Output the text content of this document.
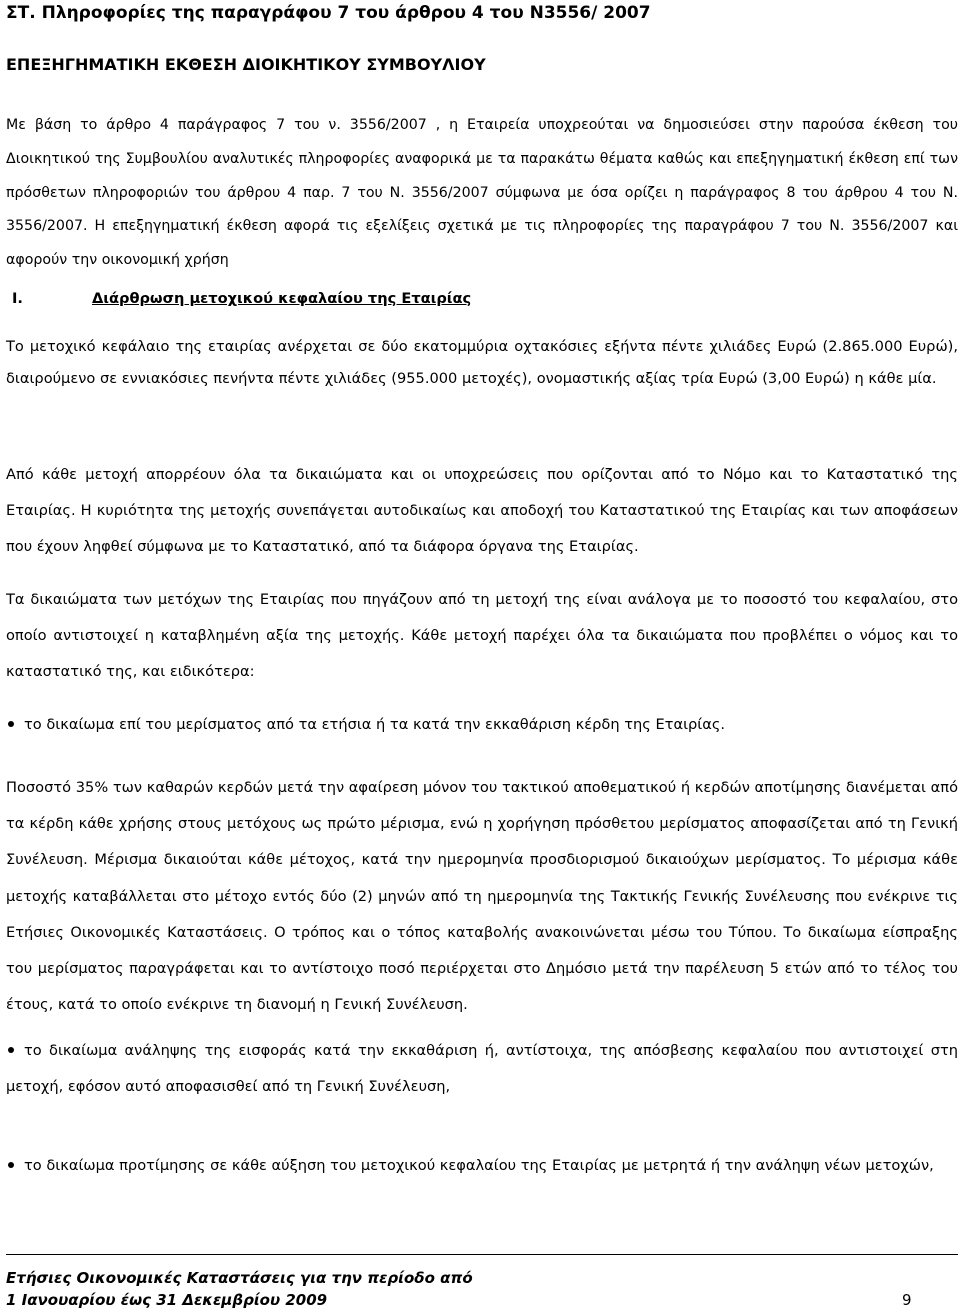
ΣΤ. Πληροφορίες της παραγράφου 7 του άρθρου 4 του Ν3556/ 2007
ΕΠΕΞΗΓΗΜΑΤΙΚΗ ΕΚΘΕΣΗ ΔΙΟΙΚΗΤΙΚΟΥ ΣΥΜΒΟΥΛΙΟΥ

Με βάση το άρθρο 4 παράγραφος 7 του ν. 3556/2007 , η Εταιρεία υποχρεούται να δημοσιεύσει στην παρούσα έκθεση του Διοικητικού της Συμβουλίου αναλυτικές πληροφορίες αναφορικά με τα παρακάτω θέματα καθώς και επεξηγηματική έκθεση επί των πρόσθετων πληροφοριών του άρθρου 4 παρ. 7 του Ν. 3556/2007 σύμφωνα με όσα ορίζει η παράγραφος 8 του άρθρου 4 του Ν. 3556/2007. Η επεξηγηματική έκθεση αφορά τις εξελίξεις σχετικά με τις πληροφορίες της παραγράφου 7 του Ν. 3556/2007 και αφορούν την οικονομική χρήση

I.	Διάρθρωση μετοχικού κεφαλαίου της Εταιρίας

Το μετοχικό κεφάλαιο της εταιρίας ανέρχεται σε δύο εκατομμύρια οχτακόσιες εξήντα πέντε χιλιάδες Ευρώ (2.865.000 Ευρώ), διαιρούμενο σε εννιακόσιες πενήντα πέντε χιλιάδες (955.000 μετοχές), ονομαστικής αξίας τρία Ευρώ (3,00 Ευρώ) η κάθε μία.

Από κάθε μετοχή απορρέουν όλα τα δικαιώματα και οι υποχρεώσεις που ορίζονται από το Νόμο και το Καταστατικό της Εταιρίας. Η κυριότητα της μετοχής συνεπάγεται αυτοδικαίως και αποδοχή του Καταστατικού της Εταιρίας και των αποφάσεων που έχουν ληφθεί σύμφωνα με το Καταστατικό, από τα διάφορα όργανα της Εταιρίας.

Τα δικαιώματα των μετόχων της Εταιρίας που πηγάζουν από τη μετοχή της είναι ανάλογα με το ποσοστό του κεφαλαίου, στο οποίο αντιστοιχεί η καταβλημένη αξία της μετοχής. Κάθε μετοχή παρέχει όλα τα δικαιώματα που προβλέπει ο νόμος και το καταστατικό της, και ειδικότερα:

το δικαίωμα επί του μερίσματος από τα ετήσια ή τα κατά την εκκαθάριση κέρδη της Εταιρίας.

Ποσοστό 35% των καθαρών κερδών μετά την αφαίρεση μόνον του τακτικού αποθεματικού ή κερδών αποτίμησης διανέμεται από τα κέρδη κάθε χρήσης στους μετόχους ως πρώτο μέρισμα, ενώ η χορήγηση πρόσθετου μερίσματος αποφασίζεται από τη Γενική Συνέλευση. Μέρισμα δικαιούται κάθε μέτοχος, κατά την ημερομηνία προσδιορισμού δικαιούχων μερίσματος. Το μέρισμα κάθε μετοχής καταβάλλεται στο μέτοχο εντός δύο (2) μηνών από τη ημερομηνία της Τακτικής Γενικής Συνέλευσης που ενέκρινε τις Ετήσιες Οικονομικές Καταστάσεις. Ο τρόπος και ο τόπος καταβολής ανακοινώνεται μέσω του Τύπου. Το δικαίωμα είσπραξης του μερίσματος παραγράφεται και το αντίστοιχο ποσό περιέρχεται στο Δημόσιο μετά την παρέλευση 5 ετών από το τέλος του έτους, κατά το οποίο ενέκρινε τη διανομή η Γενική Συνέλευση.

το δικαίωμα ανάληψης της εισφοράς κατά την εκκαθάριση ή, αντίστοιχα, της απόσβεσης κεφαλαίου που αντιστοιχεί στη μετοχή, εφόσον αυτό αποφασισθεί από τη Γενική Συνέλευση,

το δικαίωμα προτίμησης σε κάθε αύξηση του μετοχικού κεφαλαίου της Εταιρίας με μετρητά ή την ανάληψη νέων μετοχών,

Ετήσιες Οικονομικές Καταστάσεις για την περίοδο από
1 Ιανουαρίου έως 31 Δεκεμβρίου 2009	9
